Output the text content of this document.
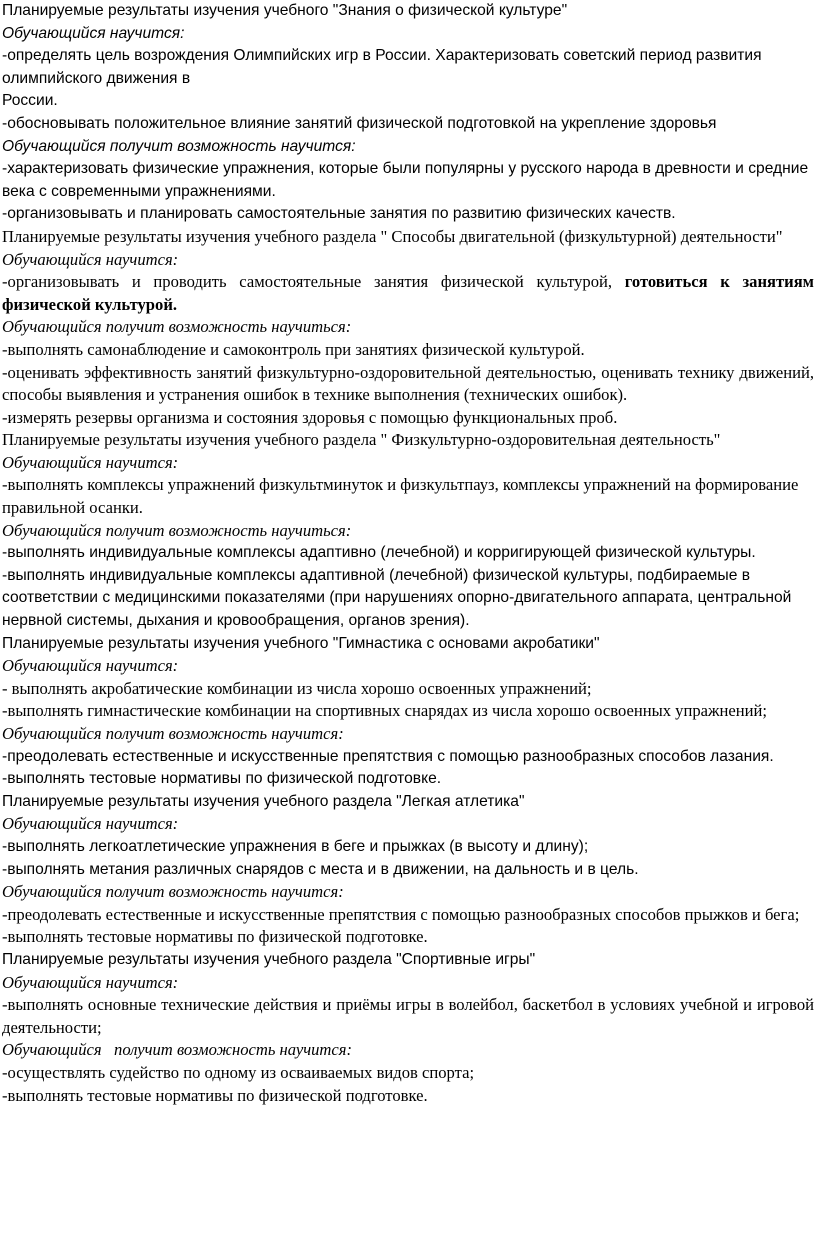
Планируемые результаты изучения учебного "Знания о физической культуре"

Обучающийся научится:

-определять цель возрождения Олимпийских игр в России. Характеризовать советский период развития олимпийского движения в

России.

-обосновывать положительное влияние занятий физической подготовкой на укрепление здоровья

Обучающийся получит возможность научится:

-характеризовать физические упражнения, которые были популярны у русского народа в древности и средние века с современными упражнениями.

-организовывать и планировать самостоятельные занятия по развитию физических качеств.

Планируемые результаты изучения учебного раздела " Способы двигательной (физкультурной) деятельности"

Обучающийся научится:

-организовывать и проводить самостоятельные занятия физической культурой, готовиться к занятиям физической культурой.

Обучающийся получит возможность научиться:

-выполнять самонаблюдение и самоконтроль при занятиях физической культурой.

-оценивать эффективность занятий физкультурно-оздоровительной деятельностью, оценивать технику движений, способы выявления и устранения ошибок в технике выполнения (технических ошибок).

-измерять резервы организма и состояния здоровья с помощью функциональных проб.

Планируемые результаты изучения учебного раздела " Физкультурно-оздоровительная деятельность"

Обучающийся научится:

-выполнять комплексы упражнений физкультминуток и физкультпауз, комплексы упражнений на формирование правильной осанки.

Обучающийся получит возможность научиться:

-выполнять индивидуальные комплексы адаптивно (лечебной) и корригирующей физической культуры.

-выполнять индивидуальные комплексы адаптивной (лечебной) физической культуры, подбираемые в соответствии с медицинскими показателями (при нарушениях опорно-двигательного аппарата, центральной нервной системы, дыхания и кровообращения, органов зрения).

Планируемые результаты изучения учебного "Гимнастика с основами акробатики"

Обучающийся научится:

- выполнять акробатические комбинации из числа хорошо освоенных упражнений;

-выполнять гимнастические комбинации на спортивных снарядах из числа хорошо освоенных упражнений;

Обучающийся получит возможность научится:

-преодолевать естественные и искусственные препятствия с помощью разнообразных способов лазания.

-выполнять тестовые нормативы по физической подготовке.

Планируемые результаты изучения учебного раздела "Легкая атлетика"

Обучающийся научится:

-выполнять легкоатлетические упражнения в беге и прыжках (в высоту и длину);

-выполнять метания различных снарядов с места и в движении, на дальность и в цель.

Обучающийся получит возможность научится:

-преодолевать естественные и искусственные препятствия с помощью разнообразных способов прыжков и бега;

-выполнять тестовые нормативы по физической подготовке.

Планируемые результаты изучения учебного раздела "Спортивные игры"

Обучающийся научится:

-выполнять основные технические действия и приёмы игры в волейбол, баскетбол в условиях учебной и игровой деятельности;

Обучающийся   получит возможность научится:

-осуществлять судейство по одному из осваиваемых видов спорта;

-выполнять тестовые нормативы по физической подготовке.
